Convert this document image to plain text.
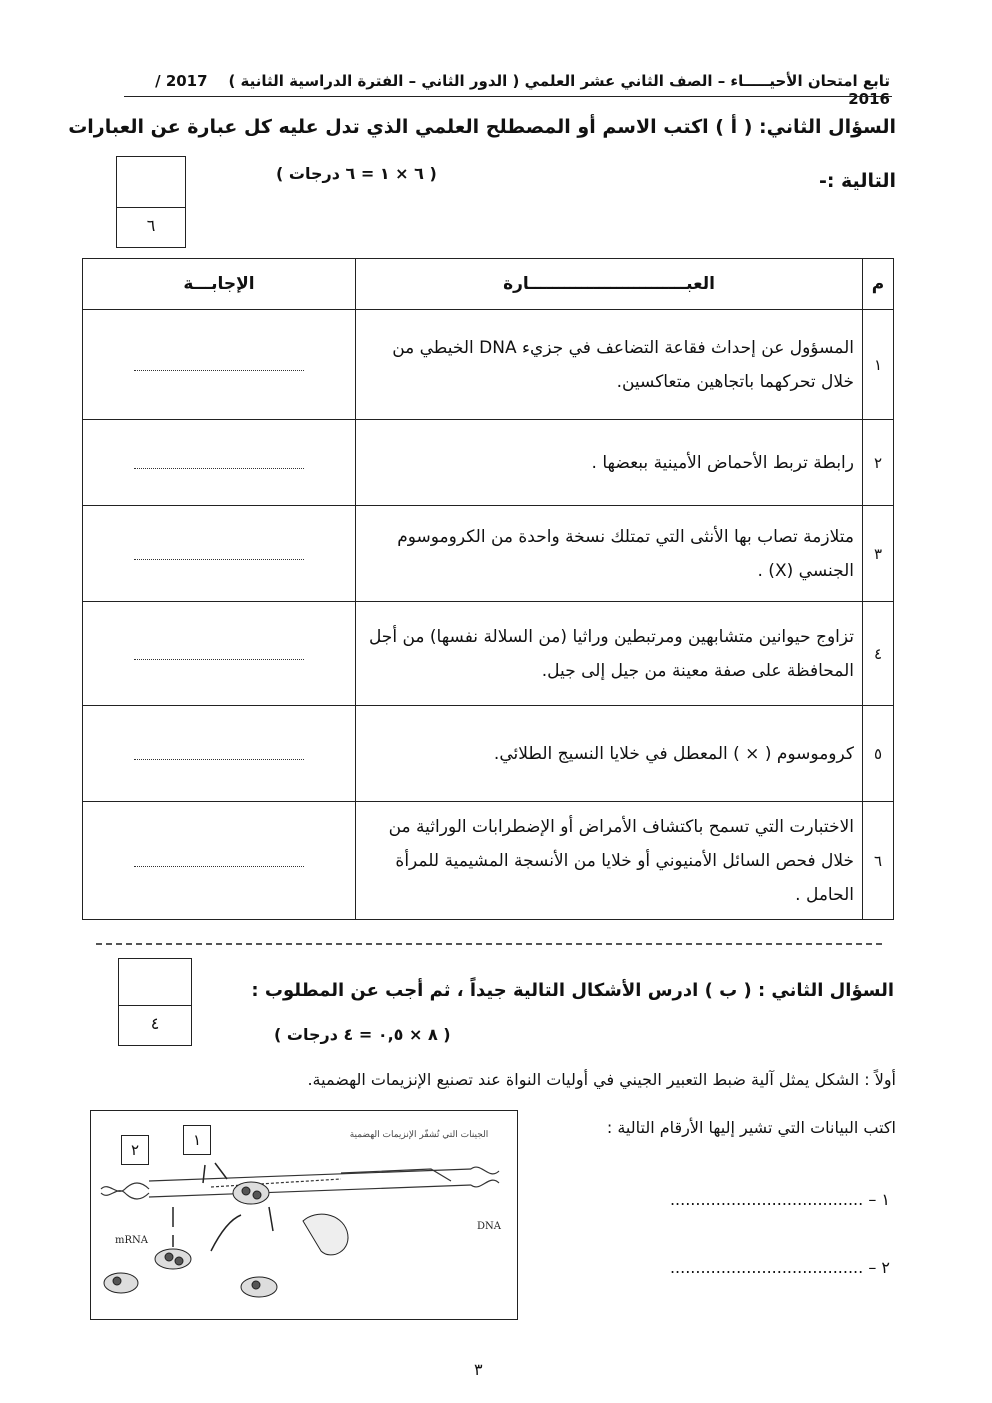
تابع امتحان الأحيـــــاء – الصف الثاني عشر العلمي ( الدور الثاني – الفترة الدراسية الثانية )    2017 / 2016
السؤال الثاني: ( أ ) اكتب الاسم أو المصطلح العلمي الذي تدل عليه كل عبارة عن العبارات
التالية :-
( ٦ × ١ = ٦ درجات )
٦
م	العبـــــــــــــــــــــــــــارة	الإجابـــة
١	المسؤول عن إحداث فقاعة التضاعف في جزيء DNA الخيطي من خلال تحركهما باتجاهين متعاكسين.	

٢	رابطة تربط الأحماض الأمينية ببعضها .	

٣	متلازمة تصاب بها الأنثى التي تمتلك نسخة واحدة من الكروموسوم الجنسي (X) .	

٤	تزاوج حيوانين متشابهين ومرتبطين وراثيا (من السلالة نفسها) من أجل المحافظة على صفة معينة من جيل إلى جيل.	

٥	كروموسوم ( × ) المعطل في خلايا النسيج الطلائي.	

٦	الاختبارت التي تسمح باكتشاف الأمراض أو الإضطرابات الوراثية من خلال فحص السائل الأمنيوني أو خلايا من الأنسجة المشيمية للمرأة الحامل .	
٤
السؤال الثاني : ( ب ) ادرس الأشكال التالية جيداً ، ثم أجب عن المطلوب :
( ٨ × ٠,٥ = ٤ درجات )
أولاً : الشكل يمثل آلية ضبط التعبير الجيني في أوليات النواة عند تصنيع الإنزيمات الهضمية.
اكتب البيانات التي تشير إليها الأرقام التالية :
١ – ......................................
٢ – ......................................
الجينات التي تُشفّر الإنزيمات الهضمية
DNA
mRNA
١
٢
٣
